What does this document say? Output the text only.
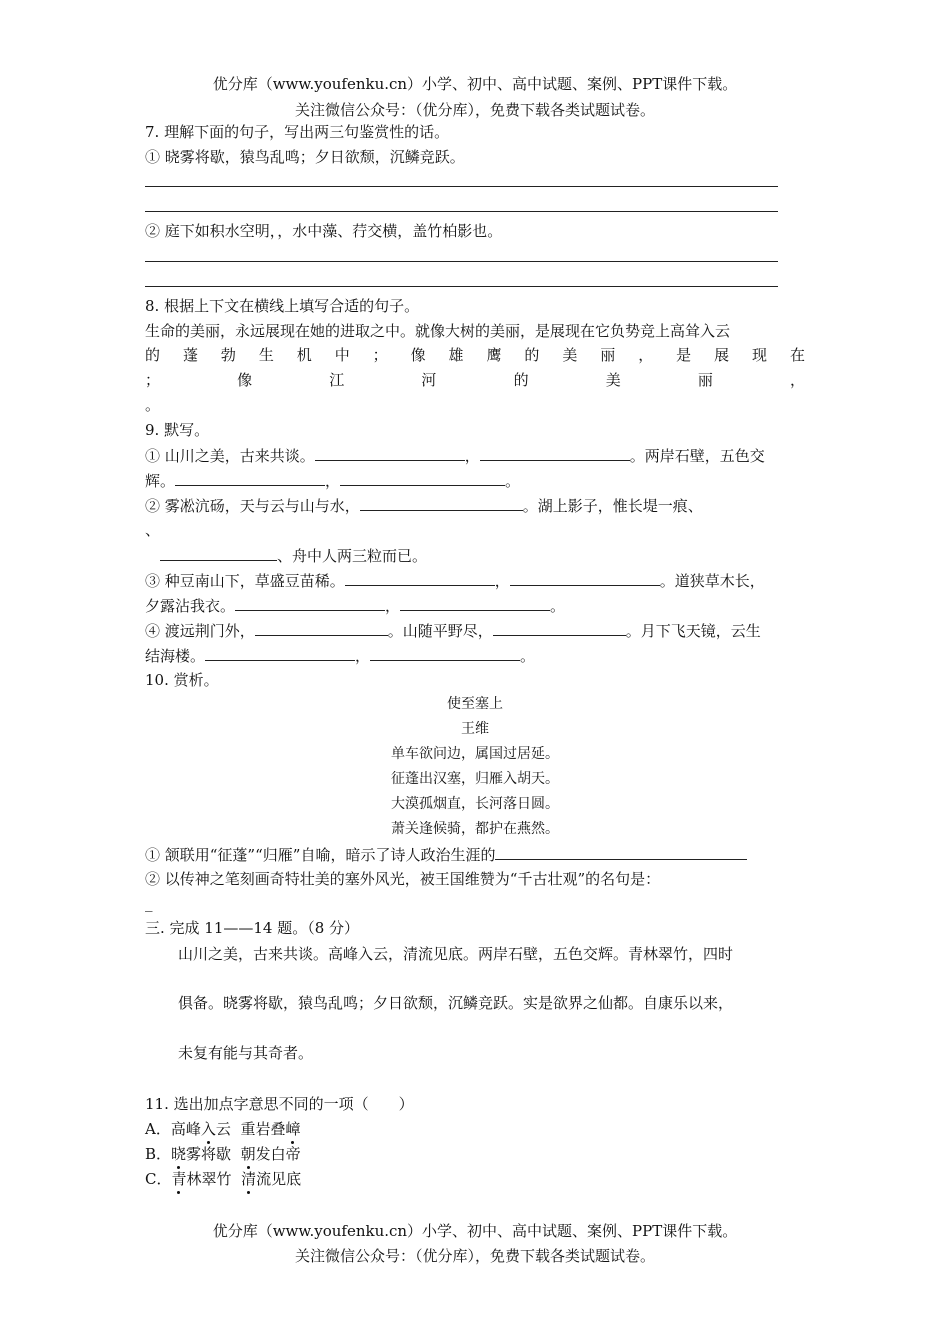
优分库（www.youfenku.cn）小学、初中、高中试题、案例、PPT课件下载。
关注微信公众号：（优分库），免费下载各类试题试卷。
7. 理解下面的句子，写出两三句鉴赏性的话。
① 晓雾将歇，猿鸟乱鸣；夕日欲颓，沉鳞竞跃。
② 庭下如积水空明，，水中藻、荇交横，盖竹柏影也。
8. 根据上下文在横线上填写合适的句子。
生命的美丽，永远展现在她的进取之中。就像大树的美丽，是展现在它负势竞上高耸入云
的 蓬 勃 生 机 中 ； 像 雄 鹰 的 美 丽 ， 是 展 现 在
；	像	江	河	的	美	丽	，
。
9. 默写。
① 山川之美，古来共谈。	，	。两岸石壁，五色交
辉。	，	。
② 雾凇沆砀，天与云与山与水，	。湖上影子，惟长堤一痕、
、
、舟中人两三粒而已。
③ 种豆南山下，草盛豆苗稀。	，	。道狭草木长，
夕露沾我衣。	，	。
④ 渡远荆门外，	。山随平野尽，	。月下飞天镜，云生
结海楼。	，	。
10. 赏析。
使至塞上
王维
单车欲问边，属国过居延。
征蓬出汉塞，归雁入胡天。
大漠孤烟直，长河落日圆。
萧关逢候骑，都护在燕然。
① 颔联用“征蓬”“归雁”自喻，暗示了诗人政治生涯的
② 以传神之笔刻画奇特壮美的塞外风光，被王国维赞为“千古壮观”的名句是：
_
三. 完成 11——14 题。（8 分）
山川之美，古来共谈。高峰入云，清流见底。两岸石壁，五色交辉。青林翠竹，四时
俱备。晓雾将歇，猿鸟乱鸣；夕日欲颓，沉鳞竞跃。实是欲界之仙都。自康乐以来，
未复有能与其奇者。
11. 选出加点字意思不同的一项（　　）
A．高峰入云 重岩叠嶂
B．晓雾将歇 朝发白帝
C．青林翠竹 清流见底
优分库（www.youfenku.cn）小学、初中、高中试题、案例、PPT课件下载。
关注微信公众号：（优分库），免费下载各类试题试卷。
